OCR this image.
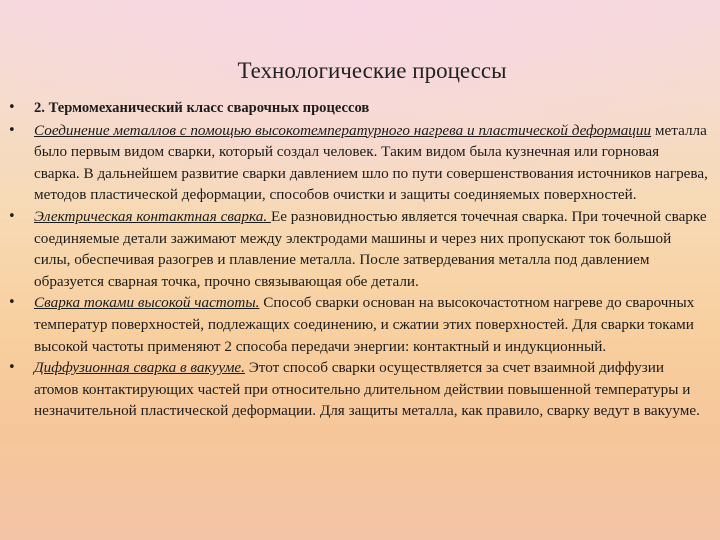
Технологические процессы
•	2. Термомеханический класс сварочных процессов
•	Соединение металлов с помощью высокотемпературного нагрева и пластической деформации металла было первым видом сварки, который создал человек. Таким видом была кузнечная или горновая сварка. В дальнейшем развитие сварки давлением шло по пути совершенствования источников нагрева, методов пластической деформации, способов очистки и защиты соединяемых поверхностей.
•	Электрическая контактная сварка. Ее разновидностью является точечная сварка. При точечной сварке соединяемые детали зажимают между электродами машины и через них пропускают ток большой силы, обеспечивая разогрев и плавление металла. После затвердевания металла под давлением образуется сварная точка, прочно связывающая обе детали.
•	Сварка токами высокой частоты. Способ сварки основан на высокочастотном нагреве до сварочных температур поверхностей, подлежащих соединению, и сжатии этих поверхностей. Для сварки токами высокой частоты применяют 2 способа передачи энергии: контактный и индукционный.
•	Диффузионная сварка в вакууме. Этот способ сварки осуществляется за счет взаимной диффузии атомов контактирующих частей при относительно длительном действии повышенной температуры и незначительной пластической деформации. Для защиты металла, как правило, сварку ведут в вакууме.
